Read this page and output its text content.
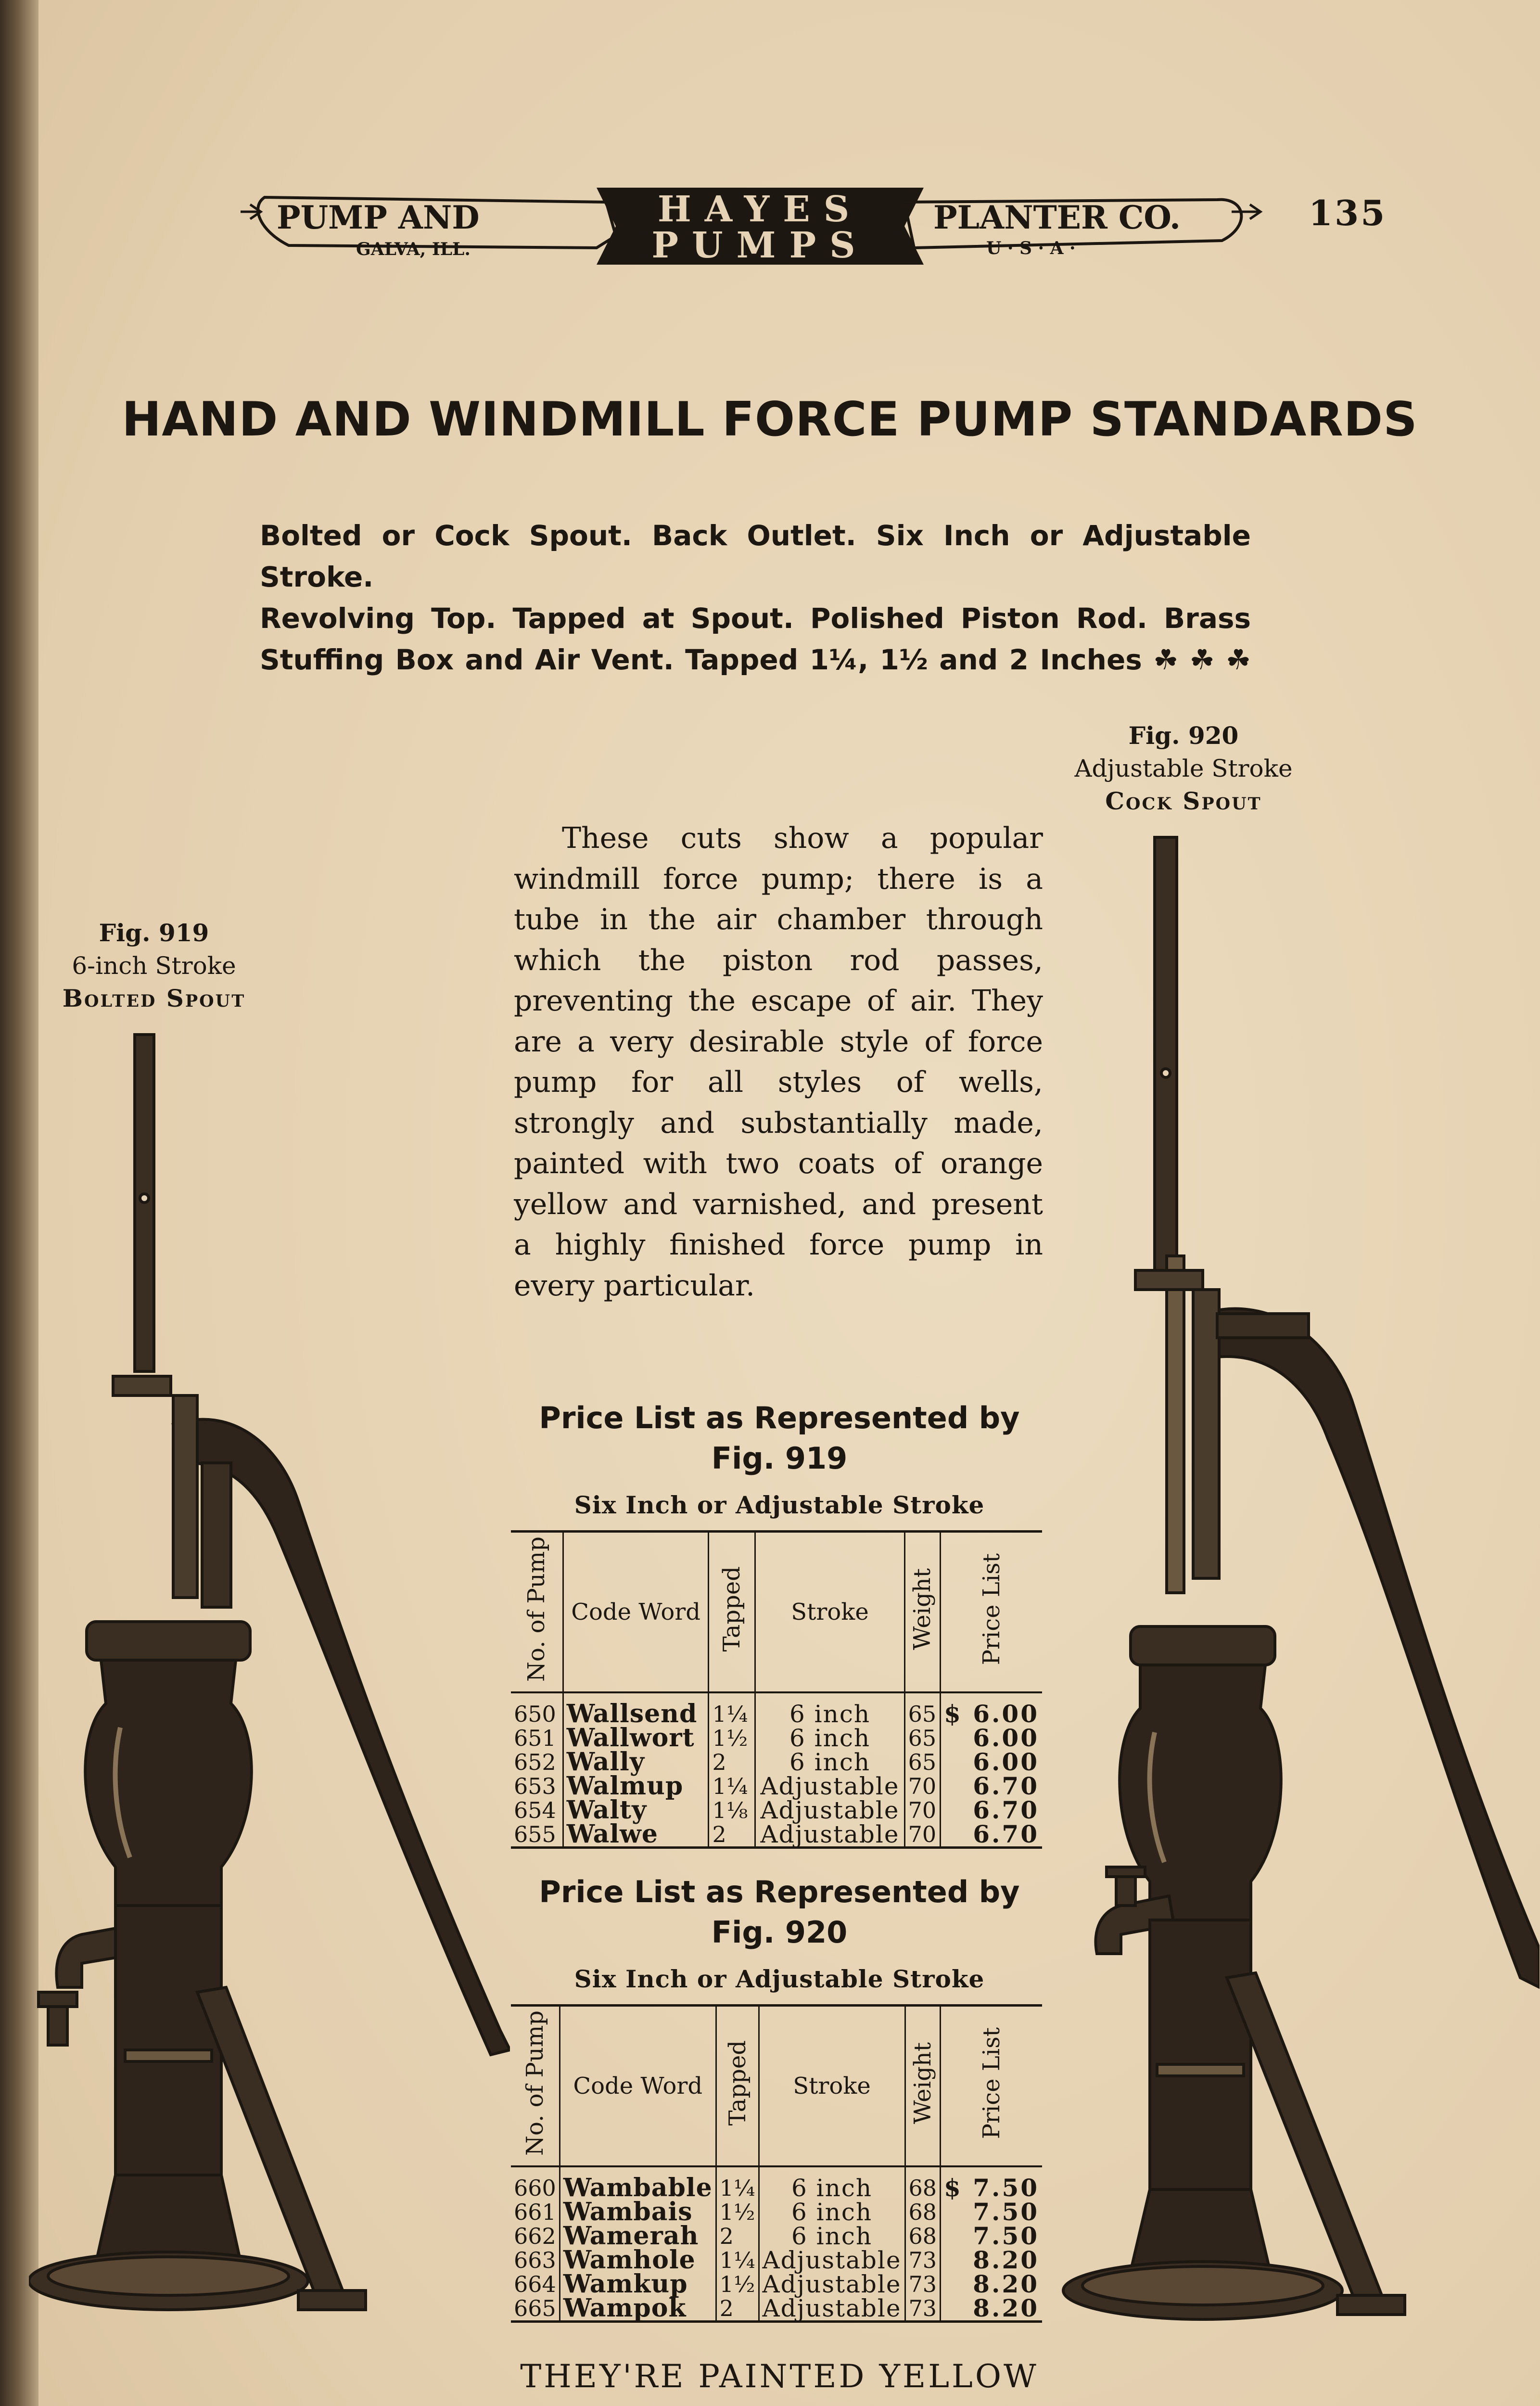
PUMP AND
GALVA, ILL.
HAYES
PUMPS
PLANTER CO.
U · S · A ·
135
HAND AND WINDMILL FORCE PUMP STANDARDS
Bolted or Cock Spout. Back Outlet. Six Inch or Adjustable Stroke.
Revolving Top. Tapped at Spout. Polished Piston Rod. Brass
Stuffing Box and Air Vent. Tapped 1¼, 1½ and 2 Inches ☘ ☘ ☘
Fig. 920
Adjustable Stroke
Cock Spout
Fig. 919
6-inch Stroke
Bolted Spout
These cuts show a popular windmill force pump; there is a tube in the air chamber through which the piston rod passes, preventing the escape of air. They are a very desirable style of force pump for all styles of wells, strongly and substantially made, painted with two coats of orange yellow and varnished, and present a highly finished force pump in every particular.
Price List as Represented by
Fig. 919
Six Inch or Adjustable Stroke
No. of Pump	Code Word	Tapped	Stroke	Weight	Price List
650	Wallsend	1¼	6 inch	65	$ 6.00
651	Wallwort	1½	6 inch	65	6.00
652	Wally	2	6 inch	65	6.00
653	Walmup	1¼	Adjustable	70	6.70
654	Walty	1⅛	Adjustable	70	6.70
655	Walwe	2	Adjustable	70	6.70
Price List as Represented by
Fig. 920
Six Inch or Adjustable Stroke
No. of Pump	Code Word	Tapped	Stroke	Weight	Price List
660	Wambable	1¼	6 inch	68	$ 7.50
661	Wambais	1½	6 inch	68	7.50
662	Wamerah	2	6 inch	68	7.50
663	Wamhole	1¼	Adjustable	73	8.20
664	Wamkup	1½	Adjustable	73	8.20
665	Wampok	2	Adjustable	73	8.20
THEY'RE PAINTED YELLOW
